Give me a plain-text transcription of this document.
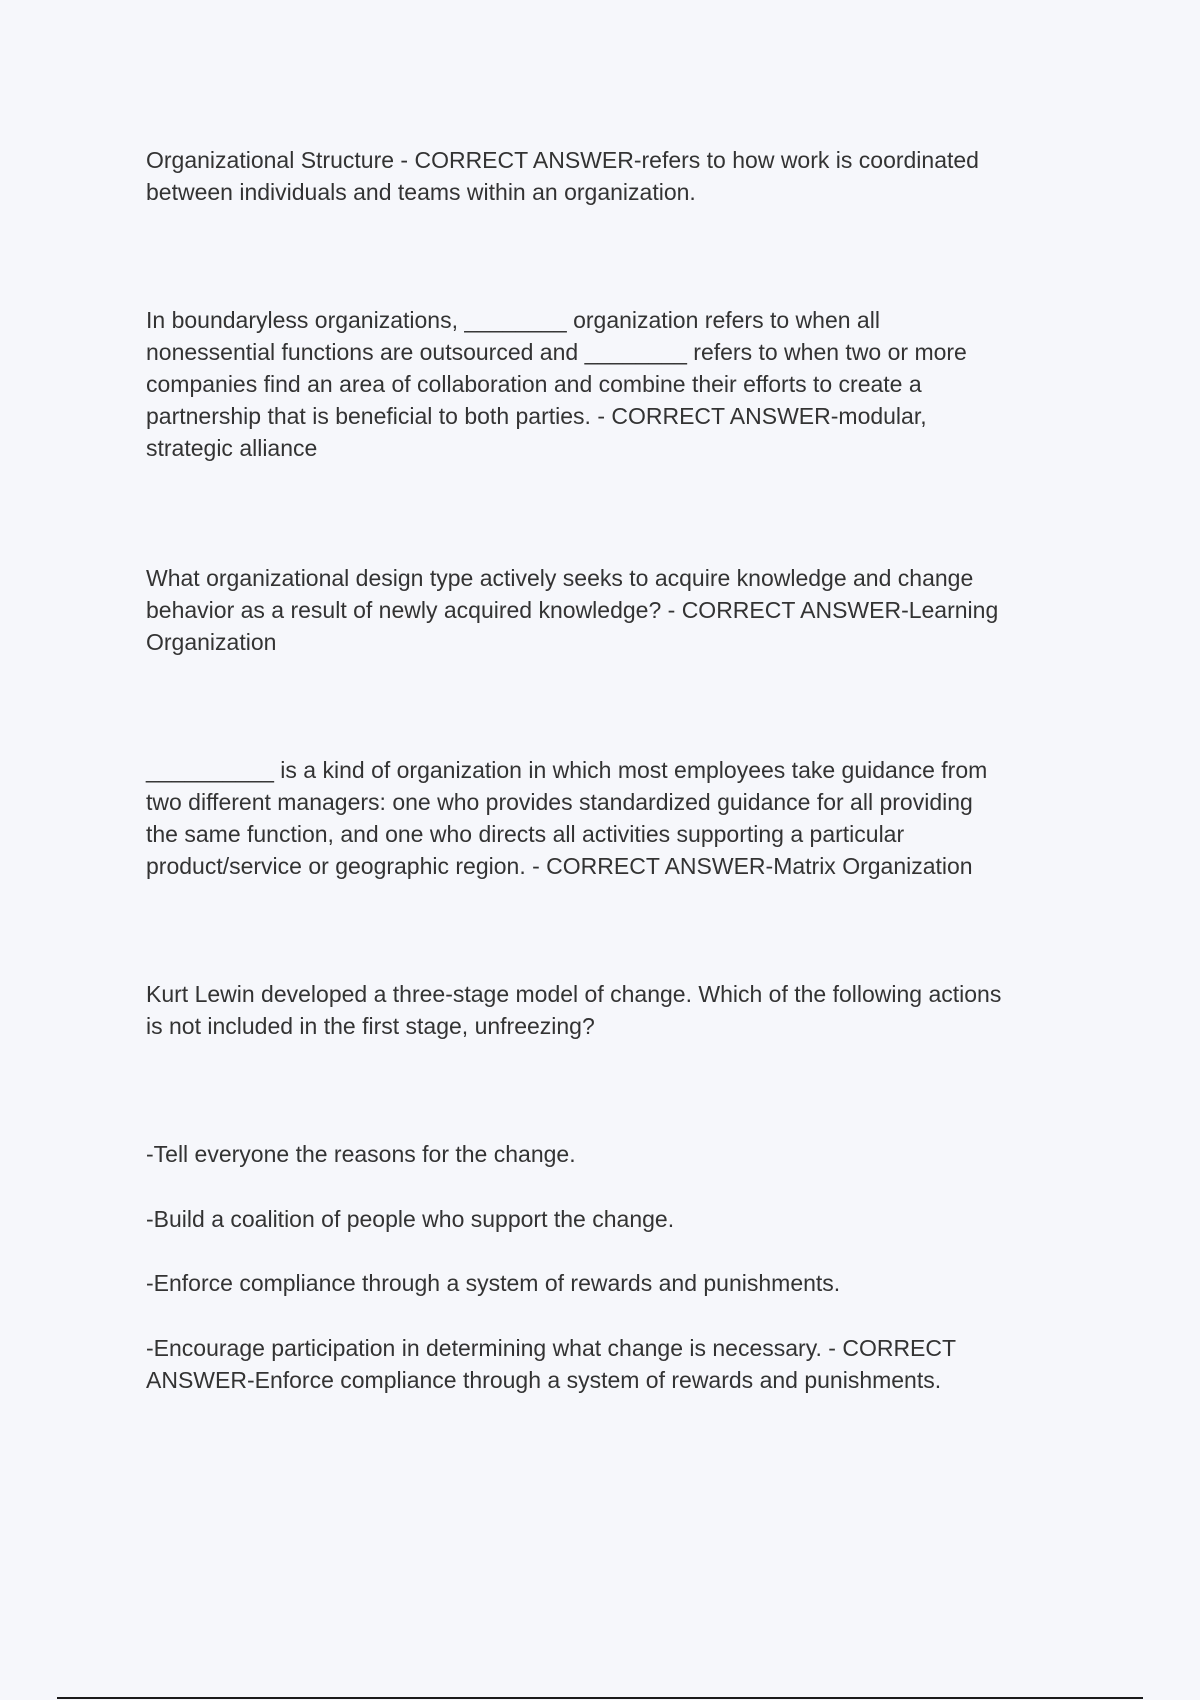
Organizational Structure - CORRECT ANSWER-refers to how work is coordinated
between individuals and teams within an organization.

In boundaryless organizations, ________ organization refers to when all
nonessential functions are outsourced and ________ refers to when two or more
companies find an area of collaboration and combine their efforts to create a
partnership that is beneficial to both parties. - CORRECT ANSWER-modular,
strategic alliance

What organizational design type actively seeks to acquire knowledge and change
behavior as a result of newly acquired knowledge? - CORRECT ANSWER-Learning
Organization

__________ is a kind of organization in which most employees take guidance from
two different managers: one who provides standardized guidance for all providing
the same function, and one who directs all activities supporting a particular
product/service or geographic region. - CORRECT ANSWER-Matrix Organization

Kurt Lewin developed a three-stage model of change. Which of the following actions
is not included in the first stage, unfreezing?

-Tell everyone the reasons for the change.

-Build a coalition of people who support the change.

-Enforce compliance through a system of rewards and punishments.

-Encourage participation in determining what change is necessary. - CORRECT
ANSWER-Enforce compliance through a system of rewards and punishments.
